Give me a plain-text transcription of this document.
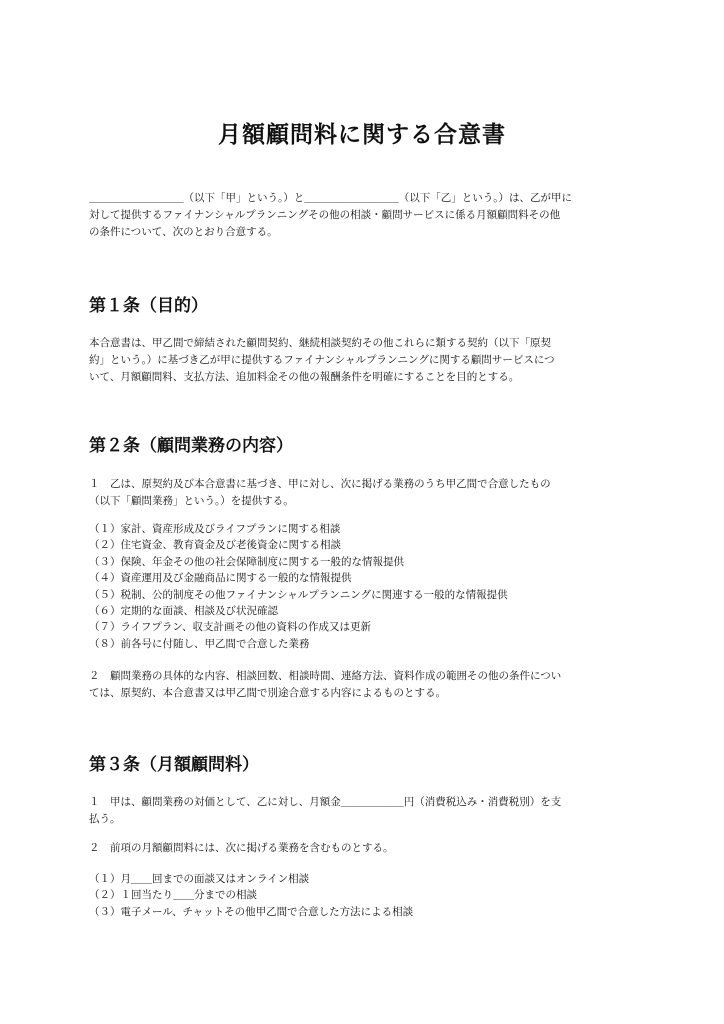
月額顧問料に関する合意書

＿＿＿＿＿＿＿＿＿（以下「甲」という。）と＿＿＿＿＿＿＿＿＿（以下「乙」という。）は、乙が甲に
対して提供するファイナンシャルプランニングその他の相談・顧問サービスに係る月額顧問料その他
の条件について、次のとおり合意する。

第１条（目的）

本合意書は、甲乙間で締結された顧問契約、継続相談契約その他これらに類する契約（以下「原契
約」という。）に基づき乙が甲に提供するファイナンシャルプランニングに関する顧問サービスにつ
いて、月額顧問料、支払方法、追加料金その他の報酬条件を明確にすることを目的とする。

第２条（顧問業務の内容）

１　乙は、原契約及び本合意書に基づき、甲に対し、次に掲げる業務のうち甲乙間で合意したもの
（以下「顧問業務」という。）を提供する。

（１）家計、資産形成及びライフプランに関する相談
（２）住宅資金、教育資金及び老後資金に関する相談
（３）保険、年金その他の社会保障制度に関する一般的な情報提供
（４）資産運用及び金融商品に関する一般的な情報提供
（５）税制、公的制度その他ファイナンシャルプランニングに関連する一般的な情報提供
（６）定期的な面談、相談及び状況確認
（７）ライフプラン、収支計画その他の資料の作成又は更新
（８）前各号に付随し、甲乙間で合意した業務

２　顧問業務の具体的な内容、相談回数、相談時間、連絡方法、資料作成の範囲その他の条件につい
ては、原契約、本合意書又は甲乙間で別途合意する内容によるものとする。

第３条（月額顧問料）

１　甲は、顧問業務の対価として、乙に対し、月額金＿＿＿＿＿＿円（消費税込み・消費税別）を支
払う。

２　前項の月額顧問料には、次に掲げる業務を含むものとする。

（１）月＿＿回までの面談又はオンライン相談
（２）１回当たり＿＿分までの相談
（３）電子メール、チャットその他甲乙間で合意した方法による相談
